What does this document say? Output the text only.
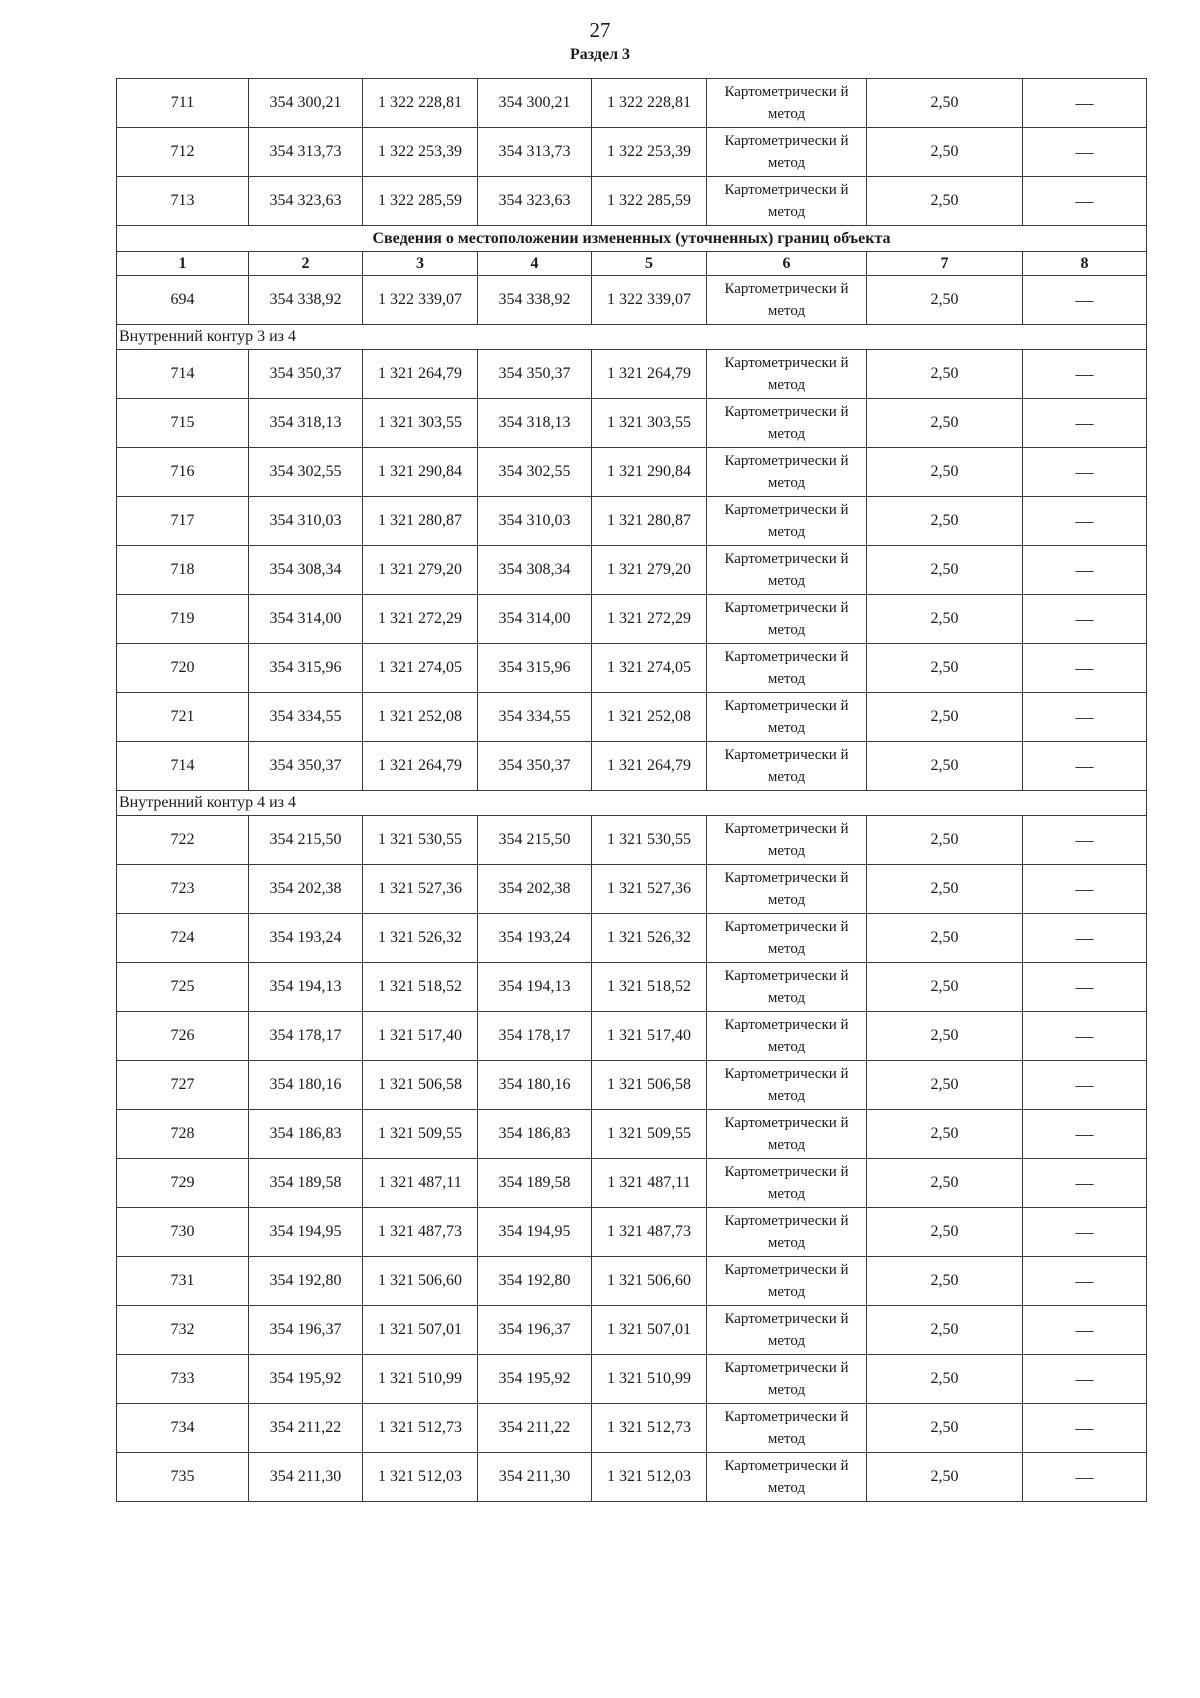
27
Раздел 3
711	354 300,21	1 322 228,81	354 300,21	1 322 228,81	Картометрически й метод	2,50	—
712	354 313,73	1 322 253,39	354 313,73	1 322 253,39	Картометрически й метод	2,50	—
713	354 323,63	1 322 285,59	354 323,63	1 322 285,59	Картометрически й метод	2,50	—
Сведения о местоположении измененных (уточненных) границ объекта							
1	2	3	4	5	6	7	8
694	354 338,92	1 322 339,07	354 338,92	1 322 339,07	Картометрически й метод	2,50	—
Внутренний контур 3 из 4							
714	354 350,37	1 321 264,79	354 350,37	1 321 264,79	Картометрически й метод	2,50	—
715	354 318,13	1 321 303,55	354 318,13	1 321 303,55	Картометрически й метод	2,50	—
716	354 302,55	1 321 290,84	354 302,55	1 321 290,84	Картометрически й метод	2,50	—
717	354 310,03	1 321 280,87	354 310,03	1 321 280,87	Картометрически й метод	2,50	—
718	354 308,34	1 321 279,20	354 308,34	1 321 279,20	Картометрически й метод	2,50	—
719	354 314,00	1 321 272,29	354 314,00	1 321 272,29	Картометрически й метод	2,50	—
720	354 315,96	1 321 274,05	354 315,96	1 321 274,05	Картометрически й метод	2,50	—
721	354 334,55	1 321 252,08	354 334,55	1 321 252,08	Картометрически й метод	2,50	—
714	354 350,37	1 321 264,79	354 350,37	1 321 264,79	Картометрически й метод	2,50	—
Внутренний контур 4 из 4							
722	354 215,50	1 321 530,55	354 215,50	1 321 530,55	Картометрически й метод	2,50	—
723	354 202,38	1 321 527,36	354 202,38	1 321 527,36	Картометрически й метод	2,50	—
724	354 193,24	1 321 526,32	354 193,24	1 321 526,32	Картометрически й метод	2,50	—
725	354 194,13	1 321 518,52	354 194,13	1 321 518,52	Картометрически й метод	2,50	—
726	354 178,17	1 321 517,40	354 178,17	1 321 517,40	Картометрически й метод	2,50	—
727	354 180,16	1 321 506,58	354 180,16	1 321 506,58	Картометрически й метод	2,50	—
728	354 186,83	1 321 509,55	354 186,83	1 321 509,55	Картометрически й метод	2,50	—
729	354 189,58	1 321 487,11	354 189,58	1 321 487,11	Картометрически й метод	2,50	—
730	354 194,95	1 321 487,73	354 194,95	1 321 487,73	Картометрически й метод	2,50	—
731	354 192,80	1 321 506,60	354 192,80	1 321 506,60	Картометрически й метод	2,50	—
732	354 196,37	1 321 507,01	354 196,37	1 321 507,01	Картометрически й метод	2,50	—
733	354 195,92	1 321 510,99	354 195,92	1 321 510,99	Картометрически й метод	2,50	—
734	354 211,22	1 321 512,73	354 211,22	1 321 512,73	Картометрически й метод	2,50	—
735	354 211,30	1 321 512,03	354 211,30	1 321 512,03	Картометрически й метод	2,50	—
